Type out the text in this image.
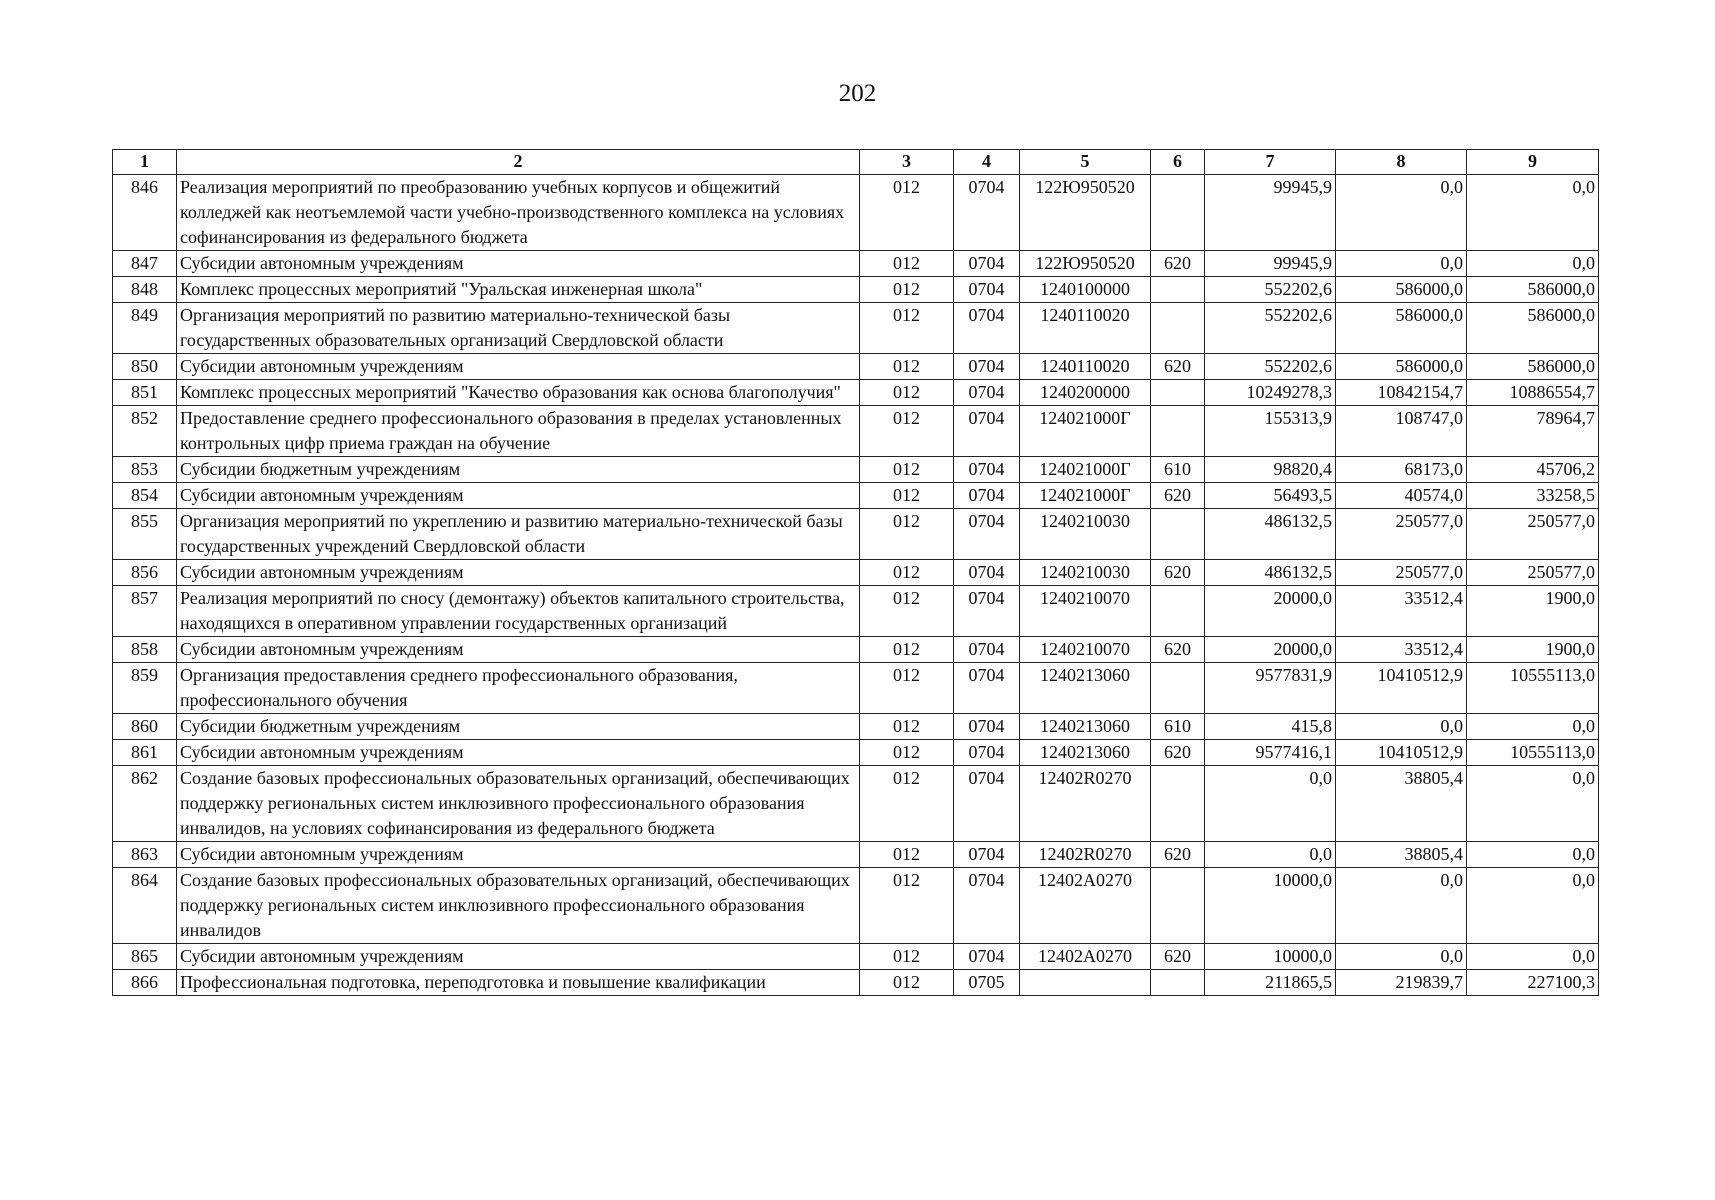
202
1	2	3	4	5	6	7	8	9
846	Реализация мероприятий по преобразованию учебных корпусов и общежитий колледжей как неотъемлемой части учебно-производственного комплекса на условиях софинансирования из федерального бюджета	012	0704	122Ю950520		99945,9	0,0	0,0
847	Субсидии автономным учреждениям	012	0704	122Ю950520	620	99945,9	0,0	0,0
848	Комплекс процессных мероприятий "Уральская инженерная школа"	012	0704	1240100000		552202,6	586000,0	586000,0
849	Организация мероприятий по развитию материально-технической базы государственных образовательных организаций Свердловской области	012	0704	1240110020		552202,6	586000,0	586000,0
850	Субсидии автономным учреждениям	012	0704	1240110020	620	552202,6	586000,0	586000,0
851	Комплекс процессных мероприятий "Качество образования как основа благополучия"	012	0704	1240200000		10249278,3	10842154,7	10886554,7
852	Предоставление среднего профессионального образования в пределах установленных контрольных цифр приема граждан на обучение	012	0704	124021000Г		155313,9	108747,0	78964,7
853	Субсидии бюджетным учреждениям	012	0704	124021000Г	610	98820,4	68173,0	45706,2
854	Субсидии автономным учреждениям	012	0704	124021000Г	620	56493,5	40574,0	33258,5
855	Организация мероприятий по укреплению и развитию материально-технической базы государственных учреждений Свердловской области	012	0704	1240210030		486132,5	250577,0	250577,0
856	Субсидии автономным учреждениям	012	0704	1240210030	620	486132,5	250577,0	250577,0
857	Реализация мероприятий по сносу (демонтажу) объектов капитального строительства, находящихся в оперативном управлении государственных организаций	012	0704	1240210070		20000,0	33512,4	1900,0
858	Субсидии автономным учреждениям	012	0704	1240210070	620	20000,0	33512,4	1900,0
859	Организация предоставления среднего профессионального образования, профессионального обучения	012	0704	1240213060		9577831,9	10410512,9	10555113,0
860	Субсидии бюджетным учреждениям	012	0704	1240213060	610	415,8	0,0	0,0
861	Субсидии автономным учреждениям	012	0704	1240213060	620	9577416,1	10410512,9	10555113,0
862	Создание базовых профессиональных образовательных организаций, обеспечивающих поддержку региональных систем инклюзивного профессионального образования инвалидов, на условиях софинансирования из федерального бюджета	012	0704	12402R0270		0,0	38805,4	0,0
863	Субсидии автономным учреждениям	012	0704	12402R0270	620	0,0	38805,4	0,0
864	Создание базовых профессиональных образовательных организаций, обеспечивающих поддержку региональных систем инклюзивного профессионального образования инвалидов	012	0704	12402A0270		10000,0	0,0	0,0
865	Субсидии автономным учреждениям	012	0704	12402A0270	620	10000,0	0,0	0,0
866	Профессиональная подготовка, переподготовка и повышение квалификации	012	0705			211865,5	219839,7	227100,3
